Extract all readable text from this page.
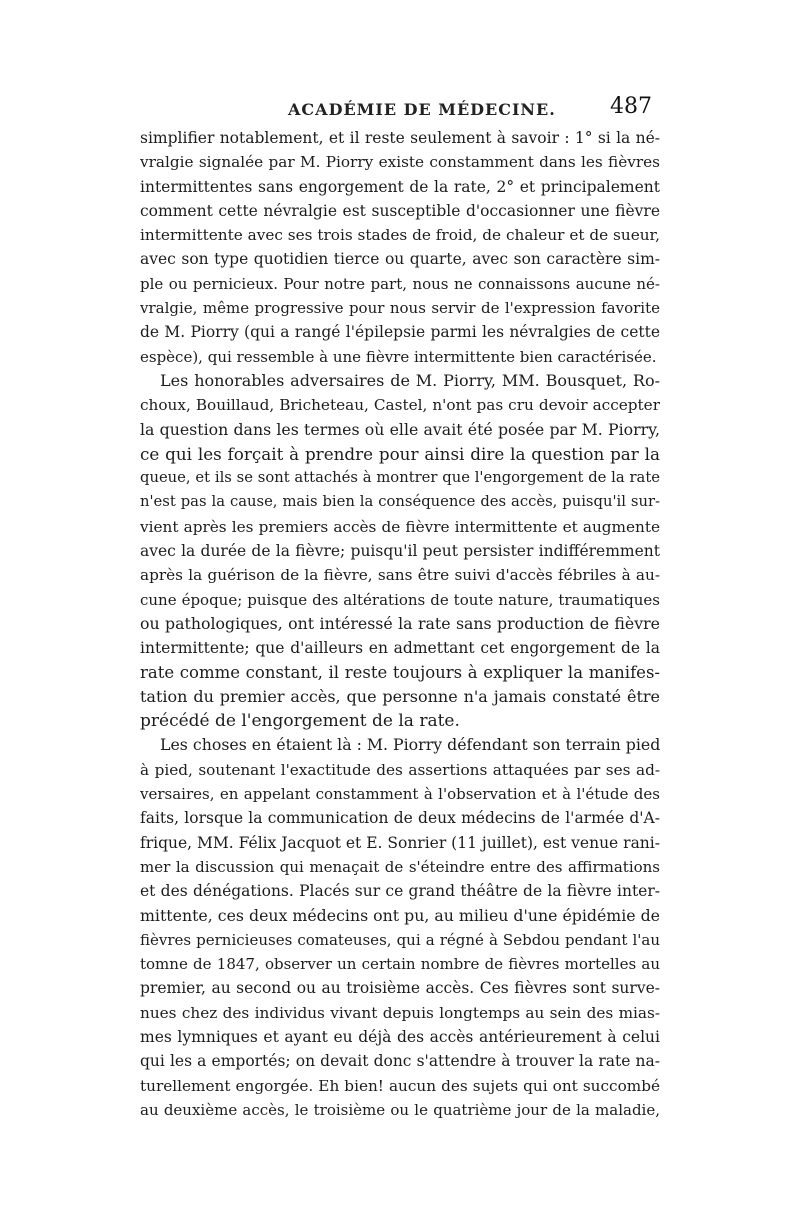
ACADÉMIE DE MÉDECINE. 487
simplifier notablement, et il reste seulement à savoir : 1° si la né-
vralgie signalée par M. Piorry existe constamment dans les fièvres
intermittentes sans engorgement de la rate, 2° et principalement
comment cette névralgie est susceptible d'occasionner une fièvre
intermittente avec ses trois stades de froid, de chaleur et de sueur,
avec son type quotidien tierce ou quarte, avec son caractère sim-
ple ou pernicieux. Pour notre part, nous ne connaissons aucune né-
vralgie, même progressive pour nous servir de l'expression favorite
de M. Piorry (qui a rangé l'épilepsie parmi les névralgies de cette
espèce), qui ressemble à une fièvre intermittente bien caractérisée.
Les honorables adversaires de M. Piorry, MM. Bousquet, Ro-
choux, Bouillaud, Bricheteau, Castel, n'ont pas cru devoir accepter
la question dans les termes où elle avait été posée par M. Piorry,
ce qui les forçait à prendre pour ainsi dire la question par la
queue, et ils se sont attachés à montrer que l'engorgement de la rate
n'est pas la cause, mais bien la conséquence des accès, puisqu'il sur-
vient après les premiers accès de fièvre intermittente et augmente
avec la durée de la fièvre; puisqu'il peut persister indifféremment
après la guérison de la fièvre, sans être suivi d'accès fébriles à au-
cune époque; puisque des altérations de toute nature, traumatiques
ou pathologiques, ont intéressé la rate sans production de fièvre
intermittente; que d'ailleurs en admettant cet engorgement de la
rate comme constant, il reste toujours à expliquer la manifes-
tation du premier accès, que personne n'a jamais constaté être
précédé de l'engorgement de la rate.
Les choses en étaient là : M. Piorry défendant son terrain pied
à pied, soutenant l'exactitude des assertions attaquées par ses ad-
versaires, en appelant constamment à l'observation et à l'étude des
faits, lorsque la communication de deux médecins de l'armée d'A-
frique, MM. Félix Jacquot et E. Sonrier (11 juillet), est venue rani-
mer la discussion qui menaçait de s'éteindre entre des affirmations
et des dénégations. Placés sur ce grand théâtre de la fièvre inter-
mittente, ces deux médecins ont pu, au milieu d'une épidémie de
fièvres pernicieuses comateuses, qui a régné à Sebdou pendant l'au
tomne de 1847, observer un certain nombre de fièvres mortelles au
premier, au second ou au troisième accès. Ces fièvres sont surve-
nues chez des individus vivant depuis longtemps au sein des mias-
mes lymniques et ayant eu déjà des accès antérieurement à celui
qui les a emportés; on devait donc s'attendre à trouver la rate na-
turellement engorgée. Eh bien! aucun des sujets qui ont succombé
au deuxième accès, le troisième ou le quatrième jour de la maladie,
